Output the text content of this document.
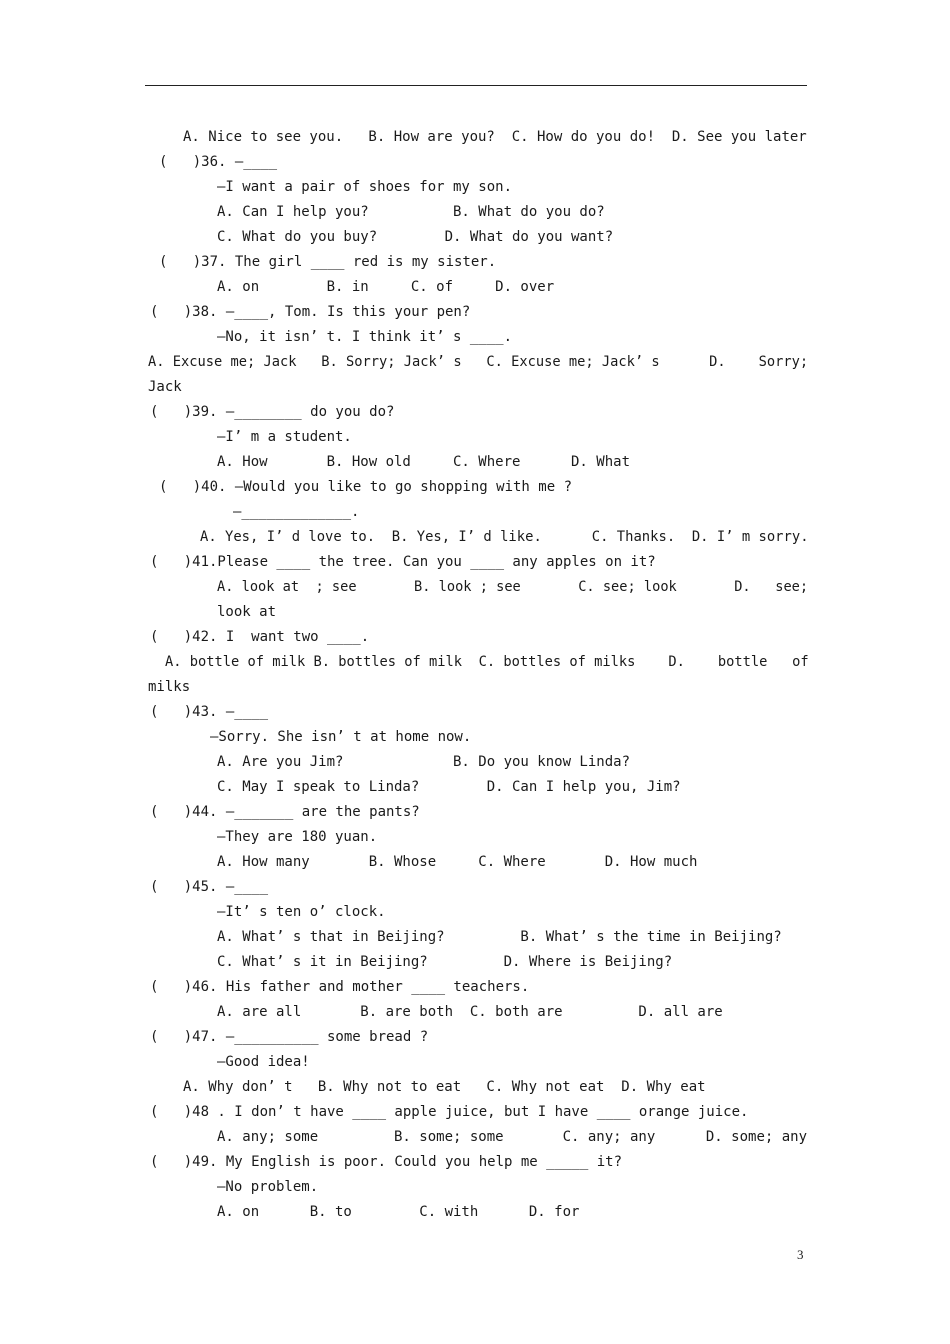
A. Nice to see you.   B. How are you?  C. How do you do!  D. See you later
(   )36. —____
—I want a pair of shoes for my son.
A. Can I help you?          B. What do you do?
C. What do you buy?        D. What do you want?
(   )37. The girl ____ red is my sister.
A. on        B. in     C. of     D. over
(   )38. —____, Tom. Is this your pen?
—No, it isn’ t. I think it’ s ____.
A. Excuse me; Jack   B. Sorry; Jack’ s   C. Excuse me; Jack’ s      D.    Sorry;
Jack
(   )39. —________ do you do?
—I’ m a student.
A. How       B. How old     C. Where      D. What
(   )40. —Would you like to go shopping with me ?
—_____________.
A. Yes, I’ d love to.  B. Yes, I’ d like.      C. Thanks.  D. I’ m sorry.
(   )41.Please ____ the tree. Can you ____ any apples on it?
A. look at  ; see       B. look ; see       C. see; look       D.   see;
look at
(   )42. I  want two ____.
A. bottle of milk B. bottles of milk  C. bottles of milks    D.    bottle   of
milks
(   )43. —____
—Sorry. She isn’ t at home now.
A. Are you Jim?             B. Do you know Linda?
C. May I speak to Linda?        D. Can I help you, Jim?
(   )44. —_______ are the pants?
—They are 180 yuan.
A. How many       B. Whose     C. Where       D. How much
(   )45. —____
—It’ s ten o’ clock.
A. What’ s that in Beijing?         B. What’ s the time in Beijing?
C. What’ s it in Beijing?         D. Where is Beijing?
(   )46. His father and mother ____ teachers.
A. are all       B. are both  C. both are         D. all are
(   )47. —__________ some bread ?
—Good idea!
A. Why don’ t   B. Why not to eat   C. Why not eat  D. Why eat
(   )48 . I don’ t have ____ apple juice, but I have ____ orange juice.
A. any; some         B. some; some       C. any; any      D. some; any
(   )49. My English is poor. Could you help me _____ it?
—No problem.
A. on      B. to        C. with      D. for
3
